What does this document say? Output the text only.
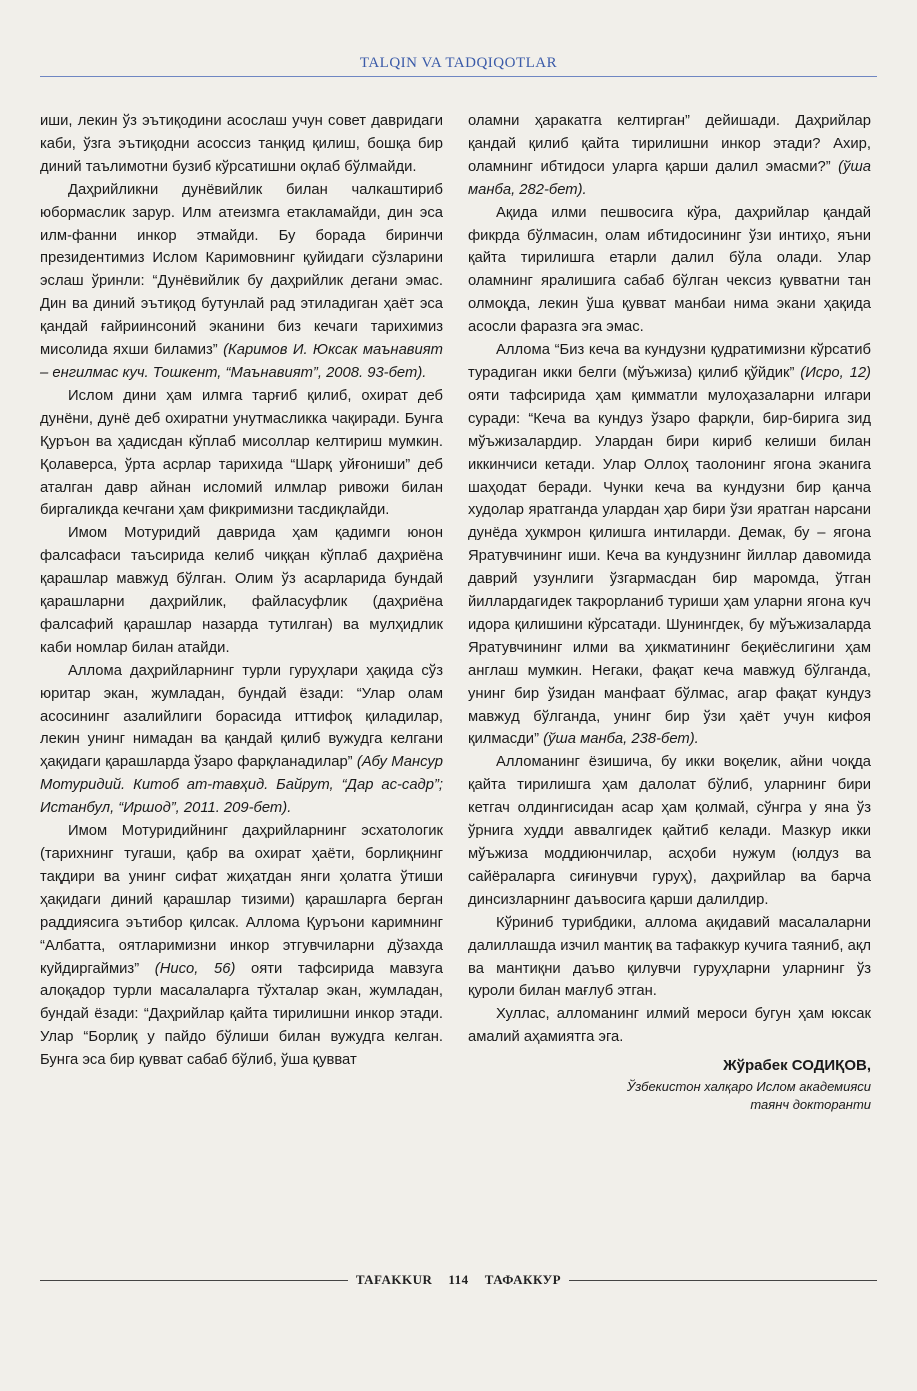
TALQIN VA TADQIQOTLAR

иши, лекин ўз эътиқодини асослаш учун совет давридаги каби, ўзга эътиқодни асоссиз танқид қилиш, бошқа бир диний таълимотни бузиб кўрсатишни оқлаб бўлмайди.

Даҳрийликни дунёвийлик билан чалкаштириб юбормаслик зарур. Илм атеизмга етакламайди, дин эса илм-фанни инкор этмайди. Бу борада биринчи президентимиз Ислом Каримовнинг қуйидаги сўзларини эслаш ўринли: “Дунёвийлик бу даҳрийлик дегани эмас. Дин ва диний эътиқод бутунлай рад этиладиган ҳаёт эса қандай ғайриинсоний эканини биз кечаги тарихимиз мисолида яхши биламиз” (Каримов И. Юксак маънавият – енгилмас куч. Тошкент, “Маънавият”, 2008. 93-бет).

Ислом дини ҳам илмга тарғиб қилиб, охират деб дунёни, дунё деб охиратни унутмасликка чақиради. Бунга Қуръон ва ҳадисдан кўплаб мисоллар келтириш мумкин. Қолаверса, ўрта асрлар тарихида “Шарқ уйғониши” деб аталган давр айнан исломий илмлар ривожи билан биргаликда кечгани ҳам фикримизни тасдиқлайди.

Имом Мотуридий даврида ҳам қадимги юнон фалсафаси таъсирида келиб чиққан кўплаб даҳриёна қарашлар мавжуд бўлган. Олим ўз асарларида бундай қарашларни даҳрийлик, файласуфлик (даҳриёна фалсафий қарашлар назарда тутилган) ва мулҳидлик каби номлар билан атайди.

Аллома даҳрийларнинг турли гуруҳлари ҳақида сўз юритар экан, жумладан, бундай ёзади: “Улар олам асосининг азалийлиги борасида иттифоқ қиладилар, лекин унинг нимадан ва қандай қилиб вужудга келгани ҳақидаги қарашларда ўзаро фарқланадилар” (Абу Мансур Мотуридий. Китоб ат-тавҳид. Байрут, “Дар ас-садр”; Истанбул, “Иршод”, 2011. 209-бет).

Имом Мотуридийнинг даҳрийларнинг эсхатологик (тарихнинг тугаши, қабр ва охират ҳаёти, борлиқнинг тақдири ва унинг сифат жиҳатдан янги ҳолатга ўтиши ҳақидаги диний қарашлар тизими) қарашларга берган раддиясига эътибор қилсак. Аллома Қуръони каримнинг “Албатта, оятларимизни инкор этгувчиларни дўзахда куйдиргаймиз” (Нисо, 56) ояти тафсирида мавзуга алоқадор турли масалаларга тўхталар экан, жумладан, бундай ёзади: “Даҳрийлар қайта тирилишни инкор этади. Улар “Борлиқ у пайдо бўлиши билан вужудга келган. Бунга эса бир қувват сабаб бўлиб, ўша қувват

оламни ҳаракатга келтирган” дейишади. Даҳрийлар қандай қилиб қайта тирилишни инкор этади? Ахир, оламнинг ибтидоси уларга қарши далил эмасми?” (ўша манба, 282-бет).

Ақида илми пешвосига кўра, даҳрийлар қандай фикрда бўлмасин, олам ибтидосининг ўзи интиҳо, яъни қайта тирилишга етарли далил бўла олади. Улар оламнинг яралишига сабаб бўлган чексиз қувватни тан олмоқда, лекин ўша қувват манбаи нима экани ҳақида асосли фаразга эга эмас.

Аллома “Биз кеча ва кундузни қудратимизни кўрсатиб турадиган икки белги (мўъжиза) қилиб қўйдик” (Исро, 12) ояти тафсирида ҳам қимматли мулоҳазаларни илгари суради: “Кеча ва кундуз ўзаро фарқли, бир-бирига зид мўъжизалардир. Улардан бири кириб келиши билан иккинчиси кетади. Улар Оллоҳ таолонинг ягона эканига шаҳодат беради. Чунки кеча ва кундузни бир қанча худолар яратганда улардан ҳар бири ўзи яратган нарсани дунёда ҳукмрон қилишга интиларди. Демак, бу – ягона Яратувчининг иши. Кеча ва кундузнинг йиллар давомида даврий узунлиги ўзгармасдан бир маромда, ўтган йиллардагидек такрорланиб туриши ҳам уларни ягона куч идора қилишини кўрсатади. Шунингдек, бу мўъжизаларда Яратувчининг илми ва ҳикматининг беқиёслигини ҳам англаш мумкин. Негаки, фақат кеча мавжуд бўлганда, унинг бир ўзидан манфаат бўлмас, агар фақат кундуз мавжуд бўлганда, унинг бир ўзи ҳаёт учун кифоя қилмасди” (ўша манба, 238-бет).

Алломанинг ёзишича, бу икки воқелик, айни чоқда қайта тирилишга ҳам далолат бўлиб, уларнинг бири кетгач олдингисидан асар ҳам қолмай, сўнгра у яна ўз ўрнига худди аввалгидек қайтиб келади. Мазкур икки мўъжиза моддиюнчилар, асҳоби нужум (юлдуз ва сайёраларга сиғинувчи гуруҳ), даҳрийлар ва барча динсизларнинг даъвосига қарши далилдир.

Кўриниб турибдики, аллома ақидавий масалаларни далиллашда изчил мантиқ ва тафаккур кучига таяниб, ақл ва мантиқни даъво қилувчи гуруҳларни уларнинг ўз қуроли билан мағлуб этган.

Хуллас, алломанинг илмий мероси бугун ҳам юксак амалий аҳамиятга эга.

Жўрабек СОДИҚОВ,
Ўзбекистон халқаро Ислом академияси
таянч докторанти
TAFAKKUR	114	ТАФАККУР
